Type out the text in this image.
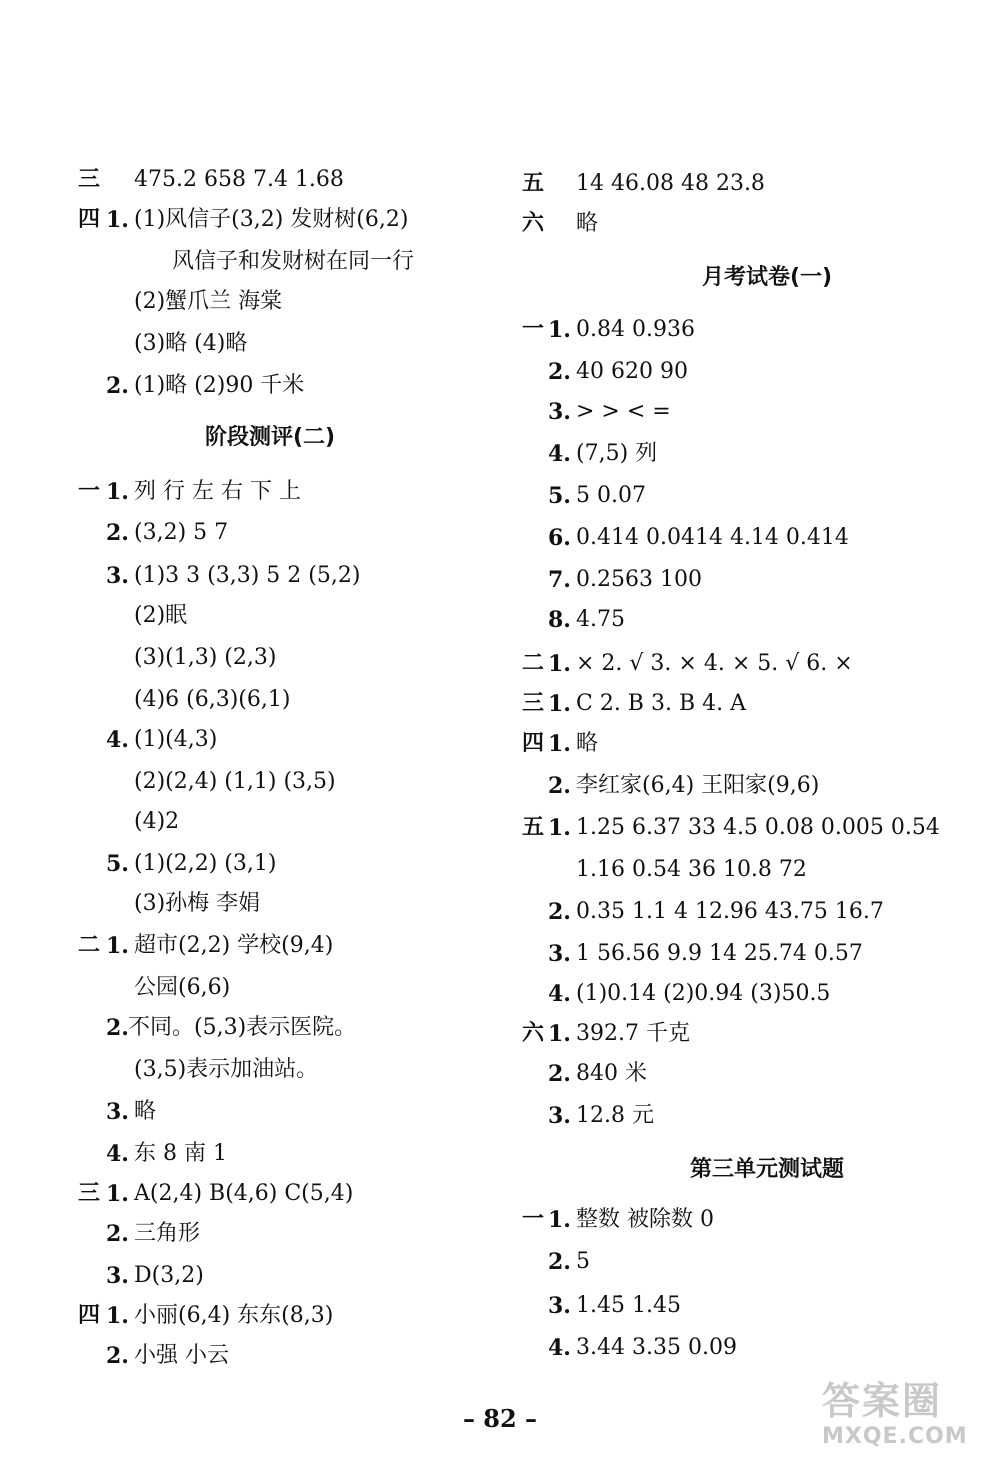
三 475.2 658 7.4 1.68
四 1. (1)风信子(3,2) 发财树(6,2)
风信子和发财树在同一行
(2)蟹爪兰 海棠
(3)略 (4)略
2. (1)略 (2)90 千米
阶段测评(二)
一 1. 列 行 左 右 下 上
2. (3,2) 5 7
3. (1)3 3 (3,3) 5 2 (5,2)
(2)眠
(3)(1,3) (2,3)
(4)6 (6,3)(6,1)
4. (1)(4,3)
(2)(2,4) (1,1) (3,5)
(4)2
5. (1)(2,2) (3,1)
(3)孙梅 李娟
二 1. 超市(2,2) 学校(9,4)
公园(6,6)
2. 不同。(5,3)表示医院。
(3,5)表示加油站。
3. 略
4. 东 8 南 1
三 1. A(2,4) B(4,6) C(5,4)
2. 三角形
3. D(3,2)
四 1. 小丽(6,4) 东东(8,3)
2. 小强 小云
五 14 46.08 48 23.8
六 略
月考试卷(一)
一 1. 0.84 0.936
2. 40 620 90
3. > > < =
4. (7,5) 列
5. 5 0.07
6. 0.414 0.0414 4.14 0.414
7. 0.2563 100
8. 4.75
二 1. × 2. √ 3. × 4. × 5. √ 6. ×
三 1. C 2. B 3. B 4. A
四 1. 略
2. 李红家(6,4) 王阳家(9,6)
五 1. 1.25 6.37 33 4.5 0.08 0.005 0.54
1.16 0.54 36 10.8 72
2. 0.35 1.1 4 12.96 43.75 16.7
3. 1 56.56 9.9 14 25.74 0.57
4. (1)0.14 (2)0.94 (3)50.5
六 1. 392.7 千克
2. 840 米
3. 12.8 元
第三单元测试题
一 1. 整数 被除数 0
2. 5
3. 1.4̇5̇ 1.45
4. 3.44 3.35 0.09
– 82 –	答案圈
MXQE.COM
